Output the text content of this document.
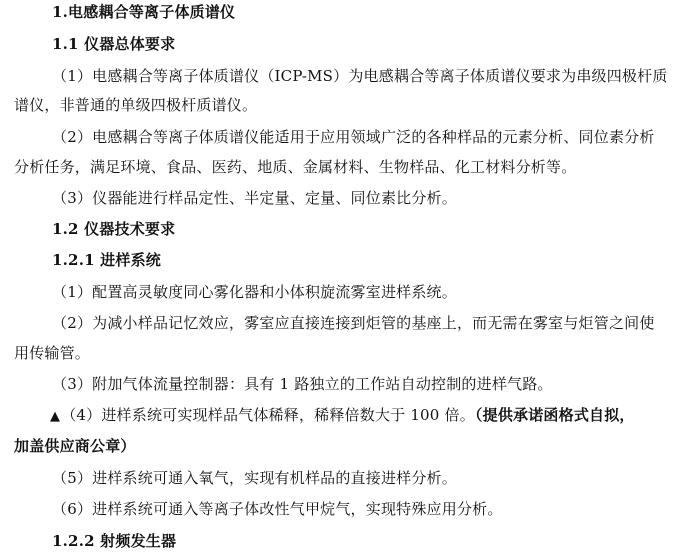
1.电感耦合等离子体质谱仪
1.1 仪器总体要求
（1）电感耦合等离子体质谱仪（ICP-MS）为电感耦合等离子体质谱仪要求为串级四极杆质
谱仪，非普通的单级四极杆质谱仪。
（2）电感耦合等离子体质谱仪能适用于应用领域广泛的各种样品的元素分析、同位素分析
分析任务，满足环境、食品、医药、地质、金属材料、生物样品、化工材料分析等。
（3）仪器能进行样品定性、半定量、定量、同位素比分析。
1.2 仪器技术要求
1.2.1 进样系统
（1）配置高灵敏度同心雾化器和小体积旋流雾室进样系统。
（2）为减小样品记忆效应，雾室应直接连接到炬管的基座上，而无需在雾室与炬管之间使
用传输管。
（3）附加气体流量控制器：具有 1 路独立的工作站自动控制的进样气路。
▲（4）进样系统可实现样品气体稀释，稀释倍数大于 100 倍。（提供承诺函格式自拟，
加盖供应商公章）
（5）进样系统可通入氧气，实现有机样品的直接进样分析。
（6）进样系统可通入等离子体改性气甲烷气，实现特殊应用分析。
1.2.2 射频发生器
